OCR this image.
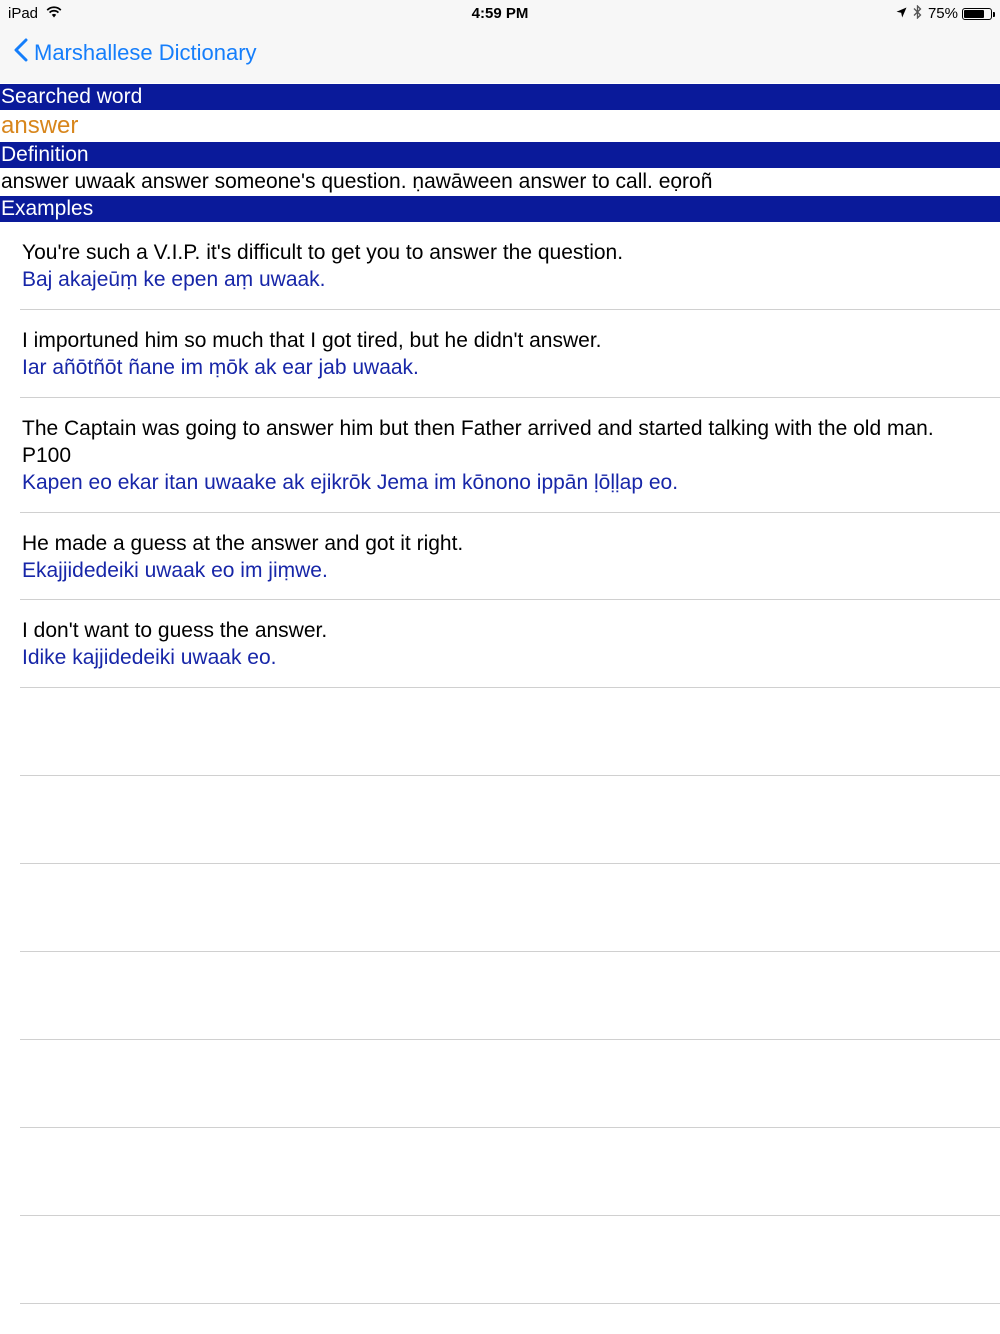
iPad	4:59 PM	75%
Marshallese Dictionary
Searched word
answer
Definition
answer uwaak answer someone's question. ṇawāween answer to call. eọroñ
Examples
You're such a V.I.P. it's difficult to get you to answer the question.
Baj akajeūṃ ke epen aṃ uwaak.
I importuned him so much that I got tired, but he didn't answer.
Iar añōtñōt ñane im ṃōk ak ear jab uwaak.
The Captain was going to answer him but then Father arrived and started talking with the old man. P100
Kapen eo ekar itan uwaake ak ejikrōk Jema im kōnono ippān ḷōḷḷap eo.
He made a guess at the answer and got it right.
Ekajjidedeiki uwaak eo im jiṃwe.
I don't want to guess the answer.
Idike kajjidedeiki uwaak eo.
